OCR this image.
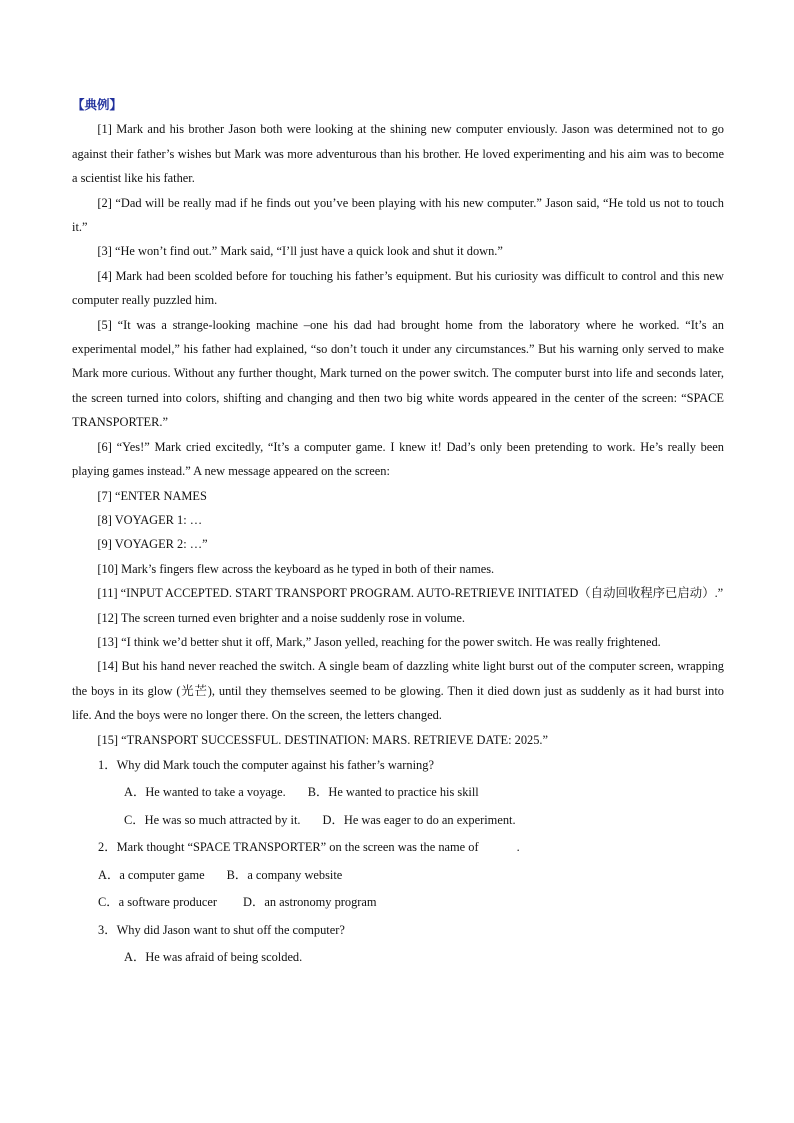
【典例】

[1] Mark and his brother Jason both were looking at the shining new computer enviously. Jason was determined not to go against their father’s wishes but Mark was more adventurous than his brother. He loved experimenting and his aim was to become a scientist like his father.

[2] “Dad will be really mad if he finds out you’ve been playing with his new computer.” Jason said, “He told us not to touch it.”

[3] “He won’t find out.” Mark said, “I’ll just have a quick look and shut it down.”

[4] Mark had been scolded before for touching his father’s equipment. But his curiosity was difficult to control and this new computer really puzzled him.

[5] “It was a strange-looking machine –one his dad had brought home from the laboratory where he worked. “It’s an experimental model,” his father had explained, “so don’t touch it under any circumstances.” But his warning only served to make Mark more curious. Without any further thought, Mark turned on the power switch. The computer burst into life and seconds later, the screen turned into colors, shifting and changing and then two big white words appeared in the center of the screen: “SPACE TRANSPORTER.”

[6] “Yes!” Mark cried excitedly, “It’s a computer game. I knew it! Dad’s only been pretending to work. He’s really been playing games instead.” A new message appeared on the screen:

[7] “ENTER NAMES

[8] VOYAGER 1: …

[9] VOYAGER 2: …”

[10] Mark’s fingers flew across the keyboard as he typed in both of their names.

[11] “INPUT ACCEPTED. START TRANSPORT PROGRAM. AUTO-RETRIEVE INITIATED（自动回收程序已启动）.”

[12] The screen turned even brighter and a noise suddenly rose in volume.

[13] “I think we’d better shut it off, Mark,” Jason yelled, reaching for the power switch. He was really frightened.

[14] But his hand never reached the switch. A single beam of dazzling white light burst out of the computer screen, wrapping the boys in its glow (光芒), until they themselves seemed to be glowing. Then it died down just as suddenly as it had burst into life. And the boys were no longer there. On the screen, the letters changed.

[15] “TRANSPORT SUCCESSFUL. DESTINATION: MARS. RETRIEVE DATE: 2025.”

1．Why did Mark touch the computer against his father’s warning?
A．He wanted to take a voyage. B．He wanted to practice his skill
C．He was so much attracted by it. D．He was eager to do an experiment.
2．Mark thought “SPACE TRANSPORTER” on the screen was the name of	.
A．a computer game B．a company website
C．a software producer D．an astronomy program
3．Why did Jason want to shut off the computer?
A．He was afraid of being scolded.
